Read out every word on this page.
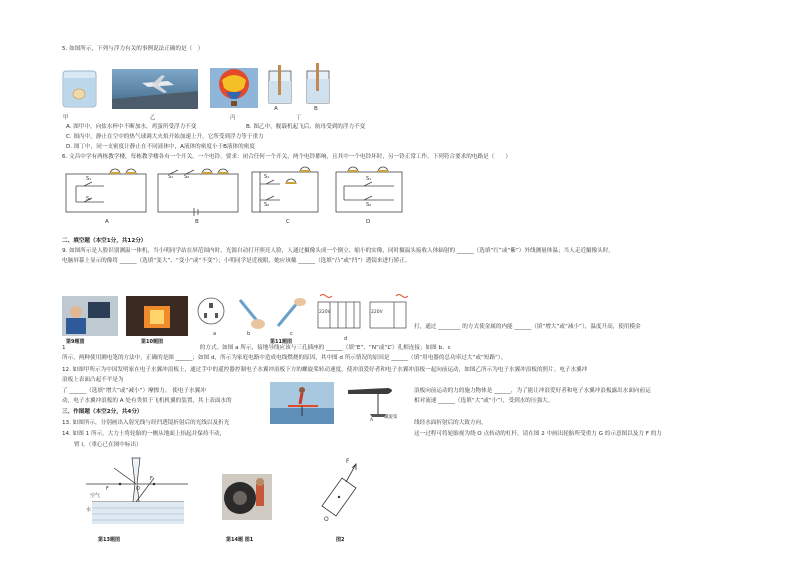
5. 如图所示，下列与浮力有关的事例说法正确的是（　）
甲	乙	丙
A	B
丁
A. 图甲中，向盐水杯中不断加水，鸡蛋所受浮力不变	B. 图乙中，舰载机起飞后，航母受到的浮力不变
C. 图丙中，静止在空中的热气球调大火焰开始加速上升，它所受到浮力等于重力
D. 图丁中，同一支密度计静止在不同液体中，A液体的密度小于B液体的密度
6. 文昌中学有两栋教学楼，每栋教学楼各有一个开关，一个电铃。要求：闭合任何一个开关，两个电铃都响，且其中一个电铃坏时，另一铃正常工作。下列符合要求的电路是（　　）
S₁
S₂
A
S₁ S₂
B
S₁
S₂
C
S₁
S₂
D
二、填空题（本空1分，共12分）
9. 如图所示是人脸识别测温一体机，当小明同学站在屏范围内时，光源自动打开照亮人脸，人通过摄像头成一个倒立、缩小的实像，同时摄温头接收人体辐射的 ______（选填“红”或“紫”）外线测量体温；当人走近摄像头时，
电脑屏幕上显示的像将 ______（选填“变大”、“变小”或“不变”）；小明同学是近视眼，她应该戴 ______（选填“凸”或“凹”）透镜来进行矫正。
220V	220V
a	b	c
d
打，通过 ________ 的方式使金属的内能 ______（填“增大”或“减小”），温度升高，使用模金
第9题图	第10题图	第11题图
1　　　　　　　　　　　　　　　　　　　　　　　　的方式。如图 a 所示，接地导线应该与三孔插座的 ______（填“E”、“N”或“L”）孔相连接；如图 b、c
所示，两种使用测电笔的方法中，正确的是图 ______；如图 d，所示为家庭电路中造成电线燃烧的原因，其中图 d 所示情况的原因是 ______（填“用电器的总功率过大”或“短路”）。
12. 如图甲所示为中国发明家在电子水翼冲浪板上，通过手中的遥控器控制电子水翼冲浪板下方的螺旋桨转动速度，使冲浪爱好者和电子水翼冲浪板一起向前运动，如图乙所示为电子水翼冲浪板的照片。电子水翼冲
浪板上表面凸起不平是为
了 ______（选填“增大”或“减小”）摩擦力。 使电子水翼冲
动，电子水翼冲浪板的 A 处有类似于飞机机翼的装置，其上表面水的
螺旋桨
A
浪板向前运动的力的施力物体是 ______，为了能让冲浪爱好者和电子水翼冲浪板露出水面向前运
相对流速 ______（选填“大”或“小”），受到水的压强大。
三、作图题（本空2分，共4分）
13. 如图所示，分别画出入射光线与经凹透镜折射后的光线以及折光	线经水面折射后的大致方向。
14. 如图 1 所示，大力士将轮胎的一侧从地面上抬起并保持不动，	这一过程可将轮胎视为绕 O 点转动的杠杆。请在图 2 中画出轮胎所受重力 G 的示意图以及力 F 的力
臂 l。（重心已在图中标出）
F
F
O
空气
水
F
O
第13题图	第14题 图1	图2
